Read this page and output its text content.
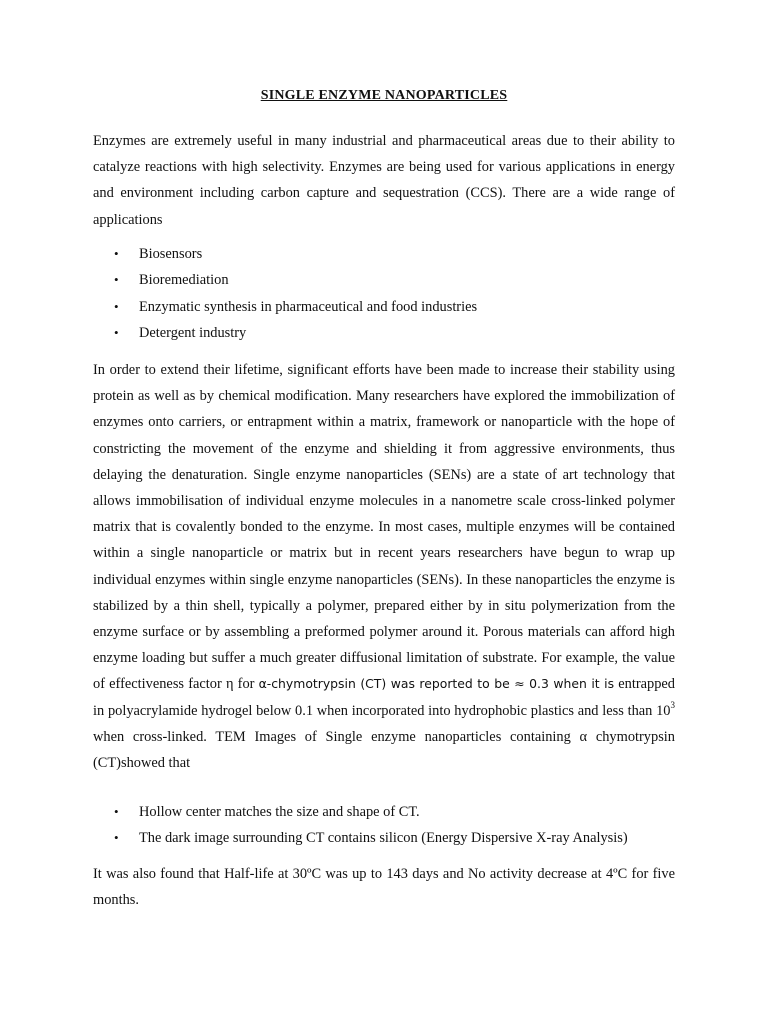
SINGLE ENZYME NANOPARTICLES

Enzymes are extremely useful in many industrial and pharmaceutical areas due to their ability to catalyze reactions with high selectivity. Enzymes are being used for various applications in energy and environment including carbon capture and sequestration (CCS). There are a wide range of applications

• Biosensors
• Bioremediation
• Enzymatic synthesis in pharmaceutical and food industries
• Detergent industry

In order to extend their lifetime, significant efforts have been made to increase their stability using protein as well as by chemical modification. Many researchers have explored the immobilization of enzymes onto carriers, or entrapment within a matrix, framework or nanoparticle with the hope of constricting the movement of the enzyme and shielding it from aggressive environments, thus delaying the denaturation. Single enzyme nanoparticles (SENs) are a state of art technology that allows immobilisation of individual enzyme molecules in a nanometre scale cross-linked polymer matrix that is covalently bonded to the enzyme. In most cases, multiple enzymes will be contained within a single nanoparticle or matrix but in recent years researchers have begun to wrap up individual enzymes within single enzyme nanoparticles (SENs). In these nanoparticles the enzyme is stabilized by a thin shell, typically a polymer, prepared either by in situ polymerization from the enzyme surface or by assembling a preformed polymer around it. Porous materials can afford high enzyme loading but suffer a much greater diffusional limitation of substrate. For example, the value of effectiveness factor η for α-chymotrypsin (CT) was reported to be ≈ 0.3 when it is entrapped in polyacrylamide hydrogel below 0.1 when incorporated into hydrophobic plastics and less than $10^3$ when cross-linked. TEM Images of Single enzyme nanoparticles containing α chymotrypsin (CT)showed that

• Hollow center matches the size and shape of CT.
• The dark image surrounding CT contains silicon (Energy Dispersive X-ray Analysis)

It was also found that Half-life at 30ºC was up to 143 days and No activity decrease at 4ºC for five months.
